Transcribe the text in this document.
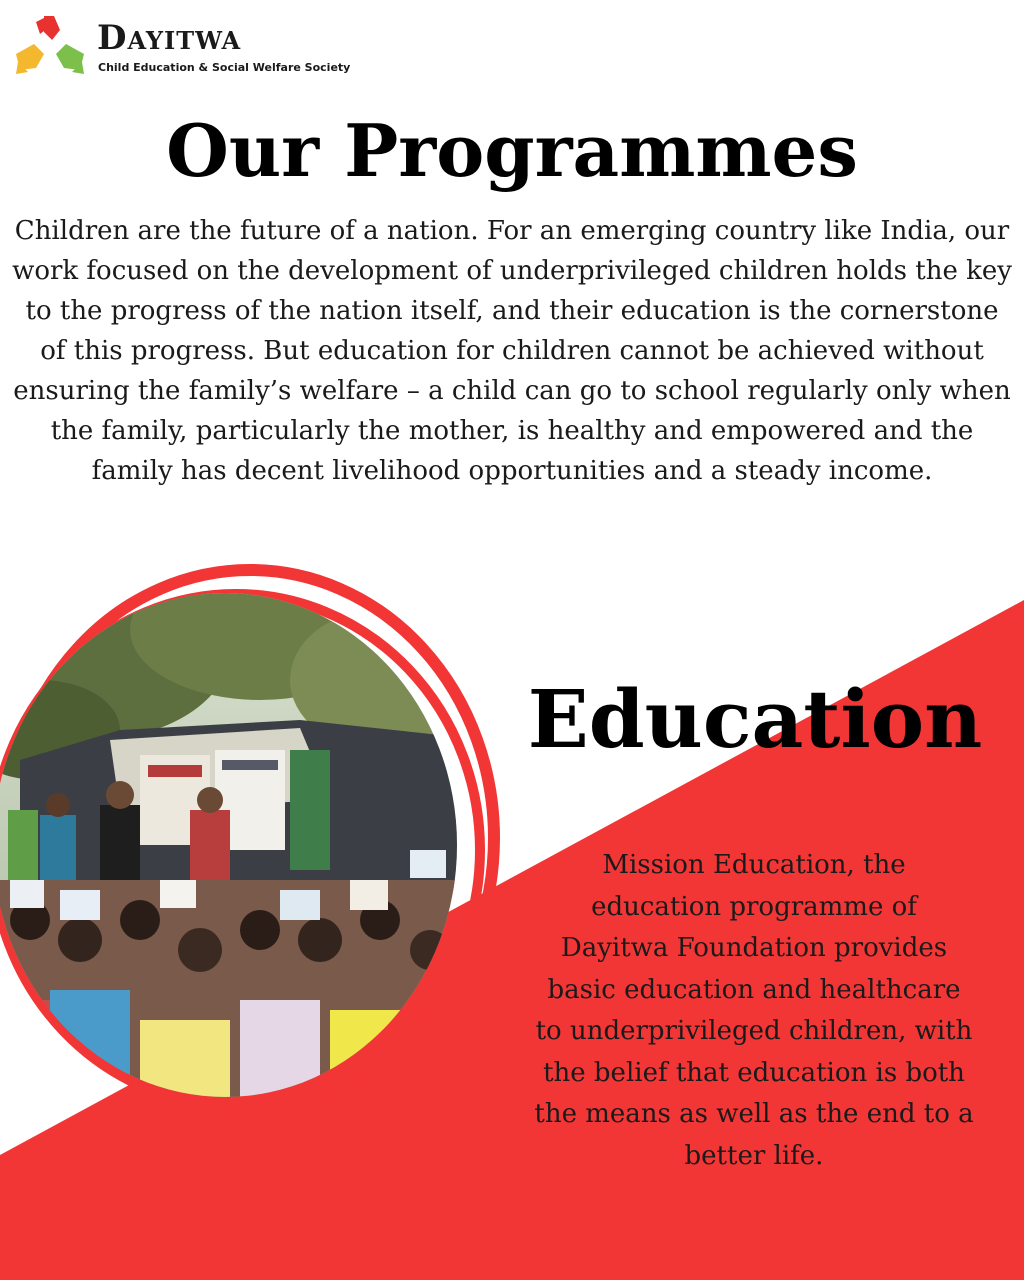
Dayitwa
Child Education & Social Welfare Society
Our Programmes
Children are the future of a nation. For an emerging country like India, our work focused on the development of underprivileged children holds the key to the progress of the nation itself, and their education is the cornerstone of this progress. But education for children cannot be achieved without ensuring the family’s welfare – a child can go to school regularly only when the family, particularly the mother, is healthy and empowered and the family has decent livelihood opportunities and a steady income.
Education
Mission Education, the education programme of Dayitwa Foundation provides basic education and healthcare to underprivileged children, with the belief that education is both the means as well as the end to a better life.
